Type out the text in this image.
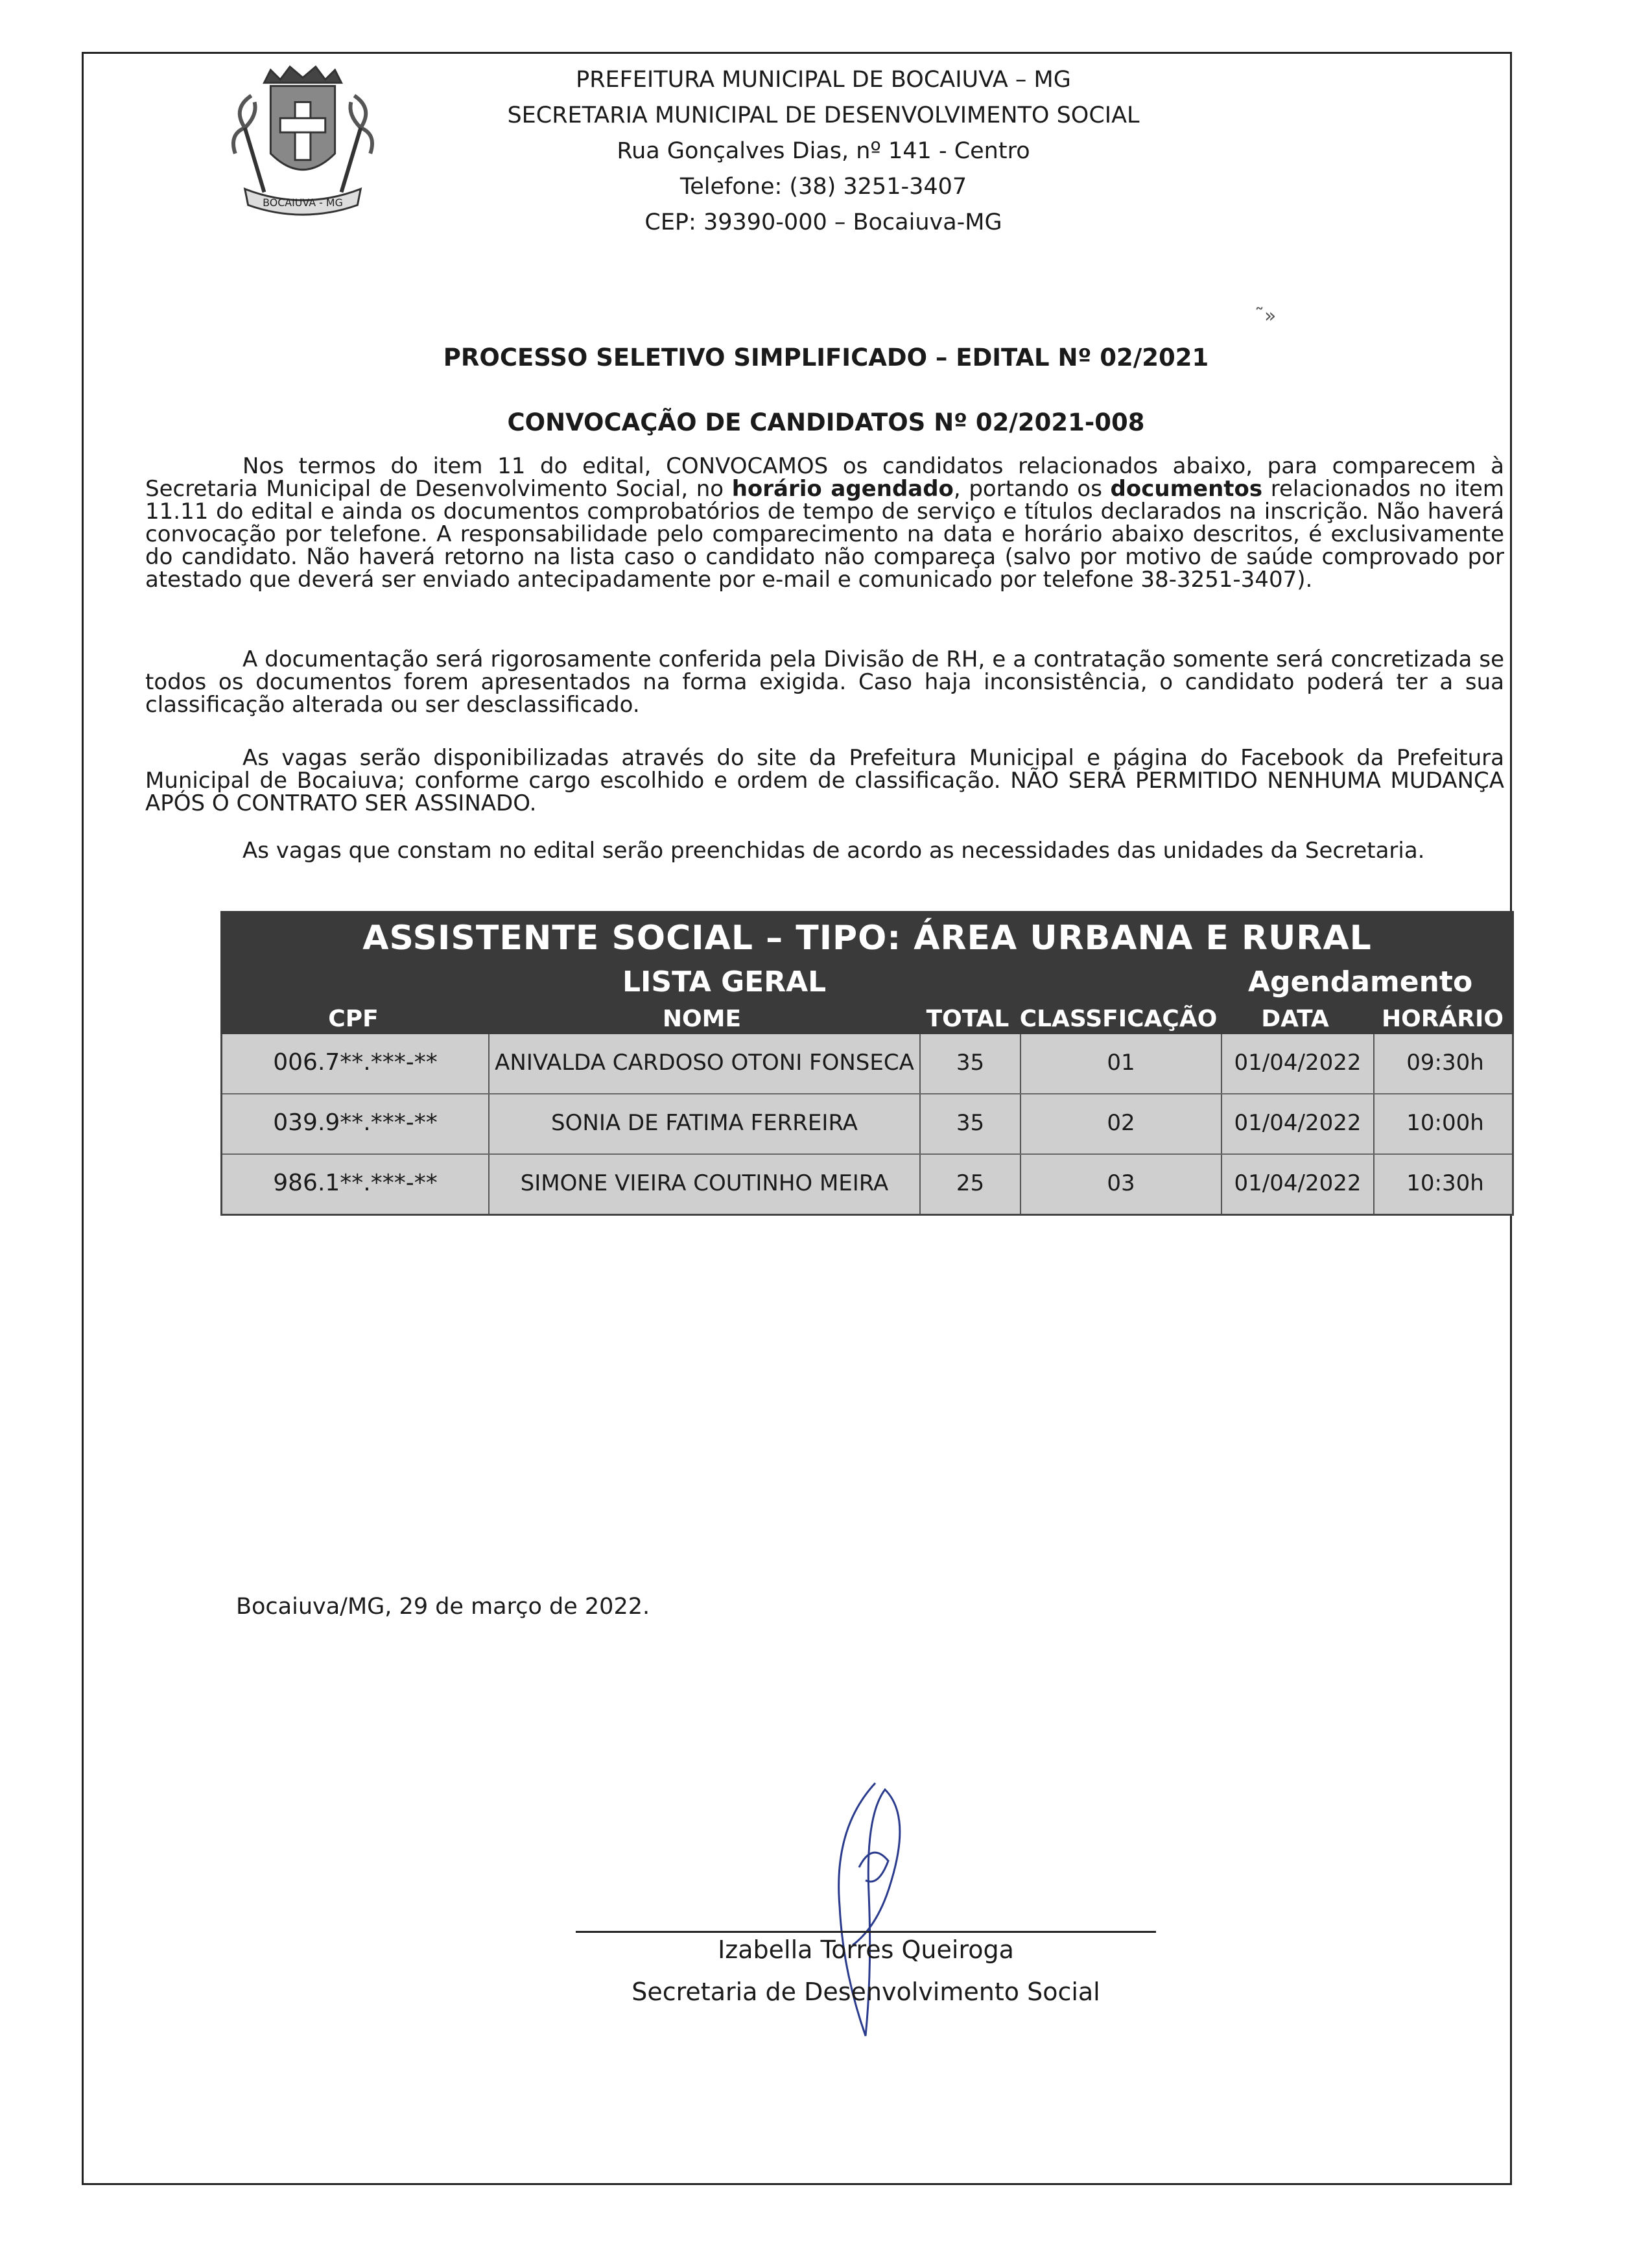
BOCAIUVA - MG
PREFEITURA MUNICIPAL DE BOCAIUVA – MG
SECRETARIA MUNICIPAL DE DESENVOLVIMENTO SOCIAL
Rua Gonçalves Dias, nº 141 - Centro
Telefone: (38) 3251-3407
CEP: 39390-000 – Bocaiuva-MG
˜»
PROCESSO SELETIVO SIMPLIFICADO – EDITAL Nº 02/2021
CONVOCAÇÃO DE CANDIDATOS Nº 02/2021-008

Nos termos do item 11 do edital, CONVOCAMOS os candidatos relacionados abaixo, para comparecem à Secretaria Municipal de Desenvolvimento Social, no horário agendado, portando os documentos relacionados no item 11.11 do edital e ainda os documentos comprobatórios de tempo de serviço e títulos declarados na inscrição. Não haverá convocação por telefone. A responsabilidade pelo comparecimento na data e horário abaixo descritos, é exclusivamente do candidato. Não haverá retorno na lista caso o candidato não compareça (salvo por motivo de saúde comprovado por atestado que deverá ser enviado antecipadamente por e-mail e comunicado por telefone 38-3251-3407).

A documentação será rigorosamente conferida pela Divisão de RH, e a contratação somente será concretizada se todos os documentos forem apresentados na forma exigida. Caso haja inconsistência, o candidato poderá ter a sua classificação alterada ou ser desclassificado.

As vagas serão disponibilizadas através do site da Prefeitura Municipal e página do Facebook da Prefeitura Municipal de Bocaiuva; conforme cargo escolhido e ordem de classificação. NÃO SERÁ PERMITIDO NENHUMA MUDANÇA APÓS O CONTRATO SER ASSINADO.

As vagas que constam no edital serão preenchidas de acordo as necessidades das unidades da Secretaria.

ASSISTENTE SOCIAL – TIPO: ÁREA URBANA E RURAL
LISTA GERAL	Agendamento
CPF	NOME	TOTAL CLASSFICAÇÃO	DATA	HORÁRIO
006.7**.***-**	ANIVALDA CARDOSO OTONI FONSECA	35	01	01/04/2022	09:30h
039.9**.***-**	SONIA DE FATIMA FERREIRA	35	02	01/04/2022	10:00h
986.1**.***-**	SIMONE VIEIRA COUTINHO MEIRA	25	03	01/04/2022	10:30h
Bocaiuva/MG, 29 de março de 2022.
Izabella Torres Queiroga
Secretaria de Desenvolvimento Social
